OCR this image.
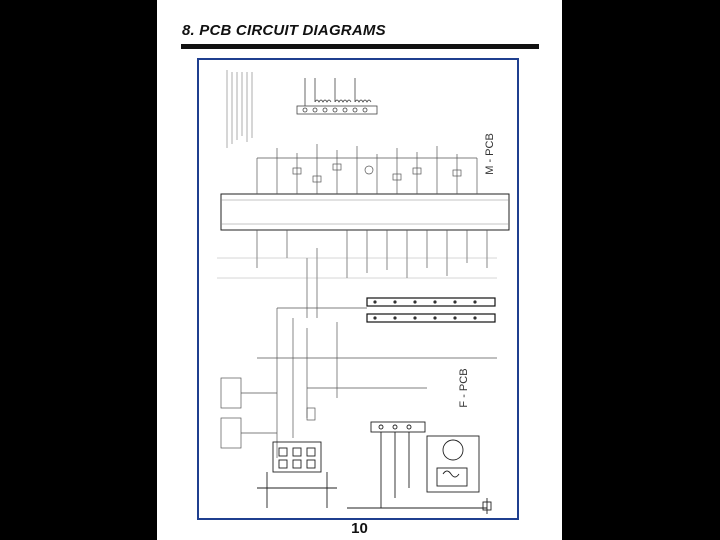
8. PCB CIRCUIT DIAGRAMS
M - PCB
F - PCB
10
